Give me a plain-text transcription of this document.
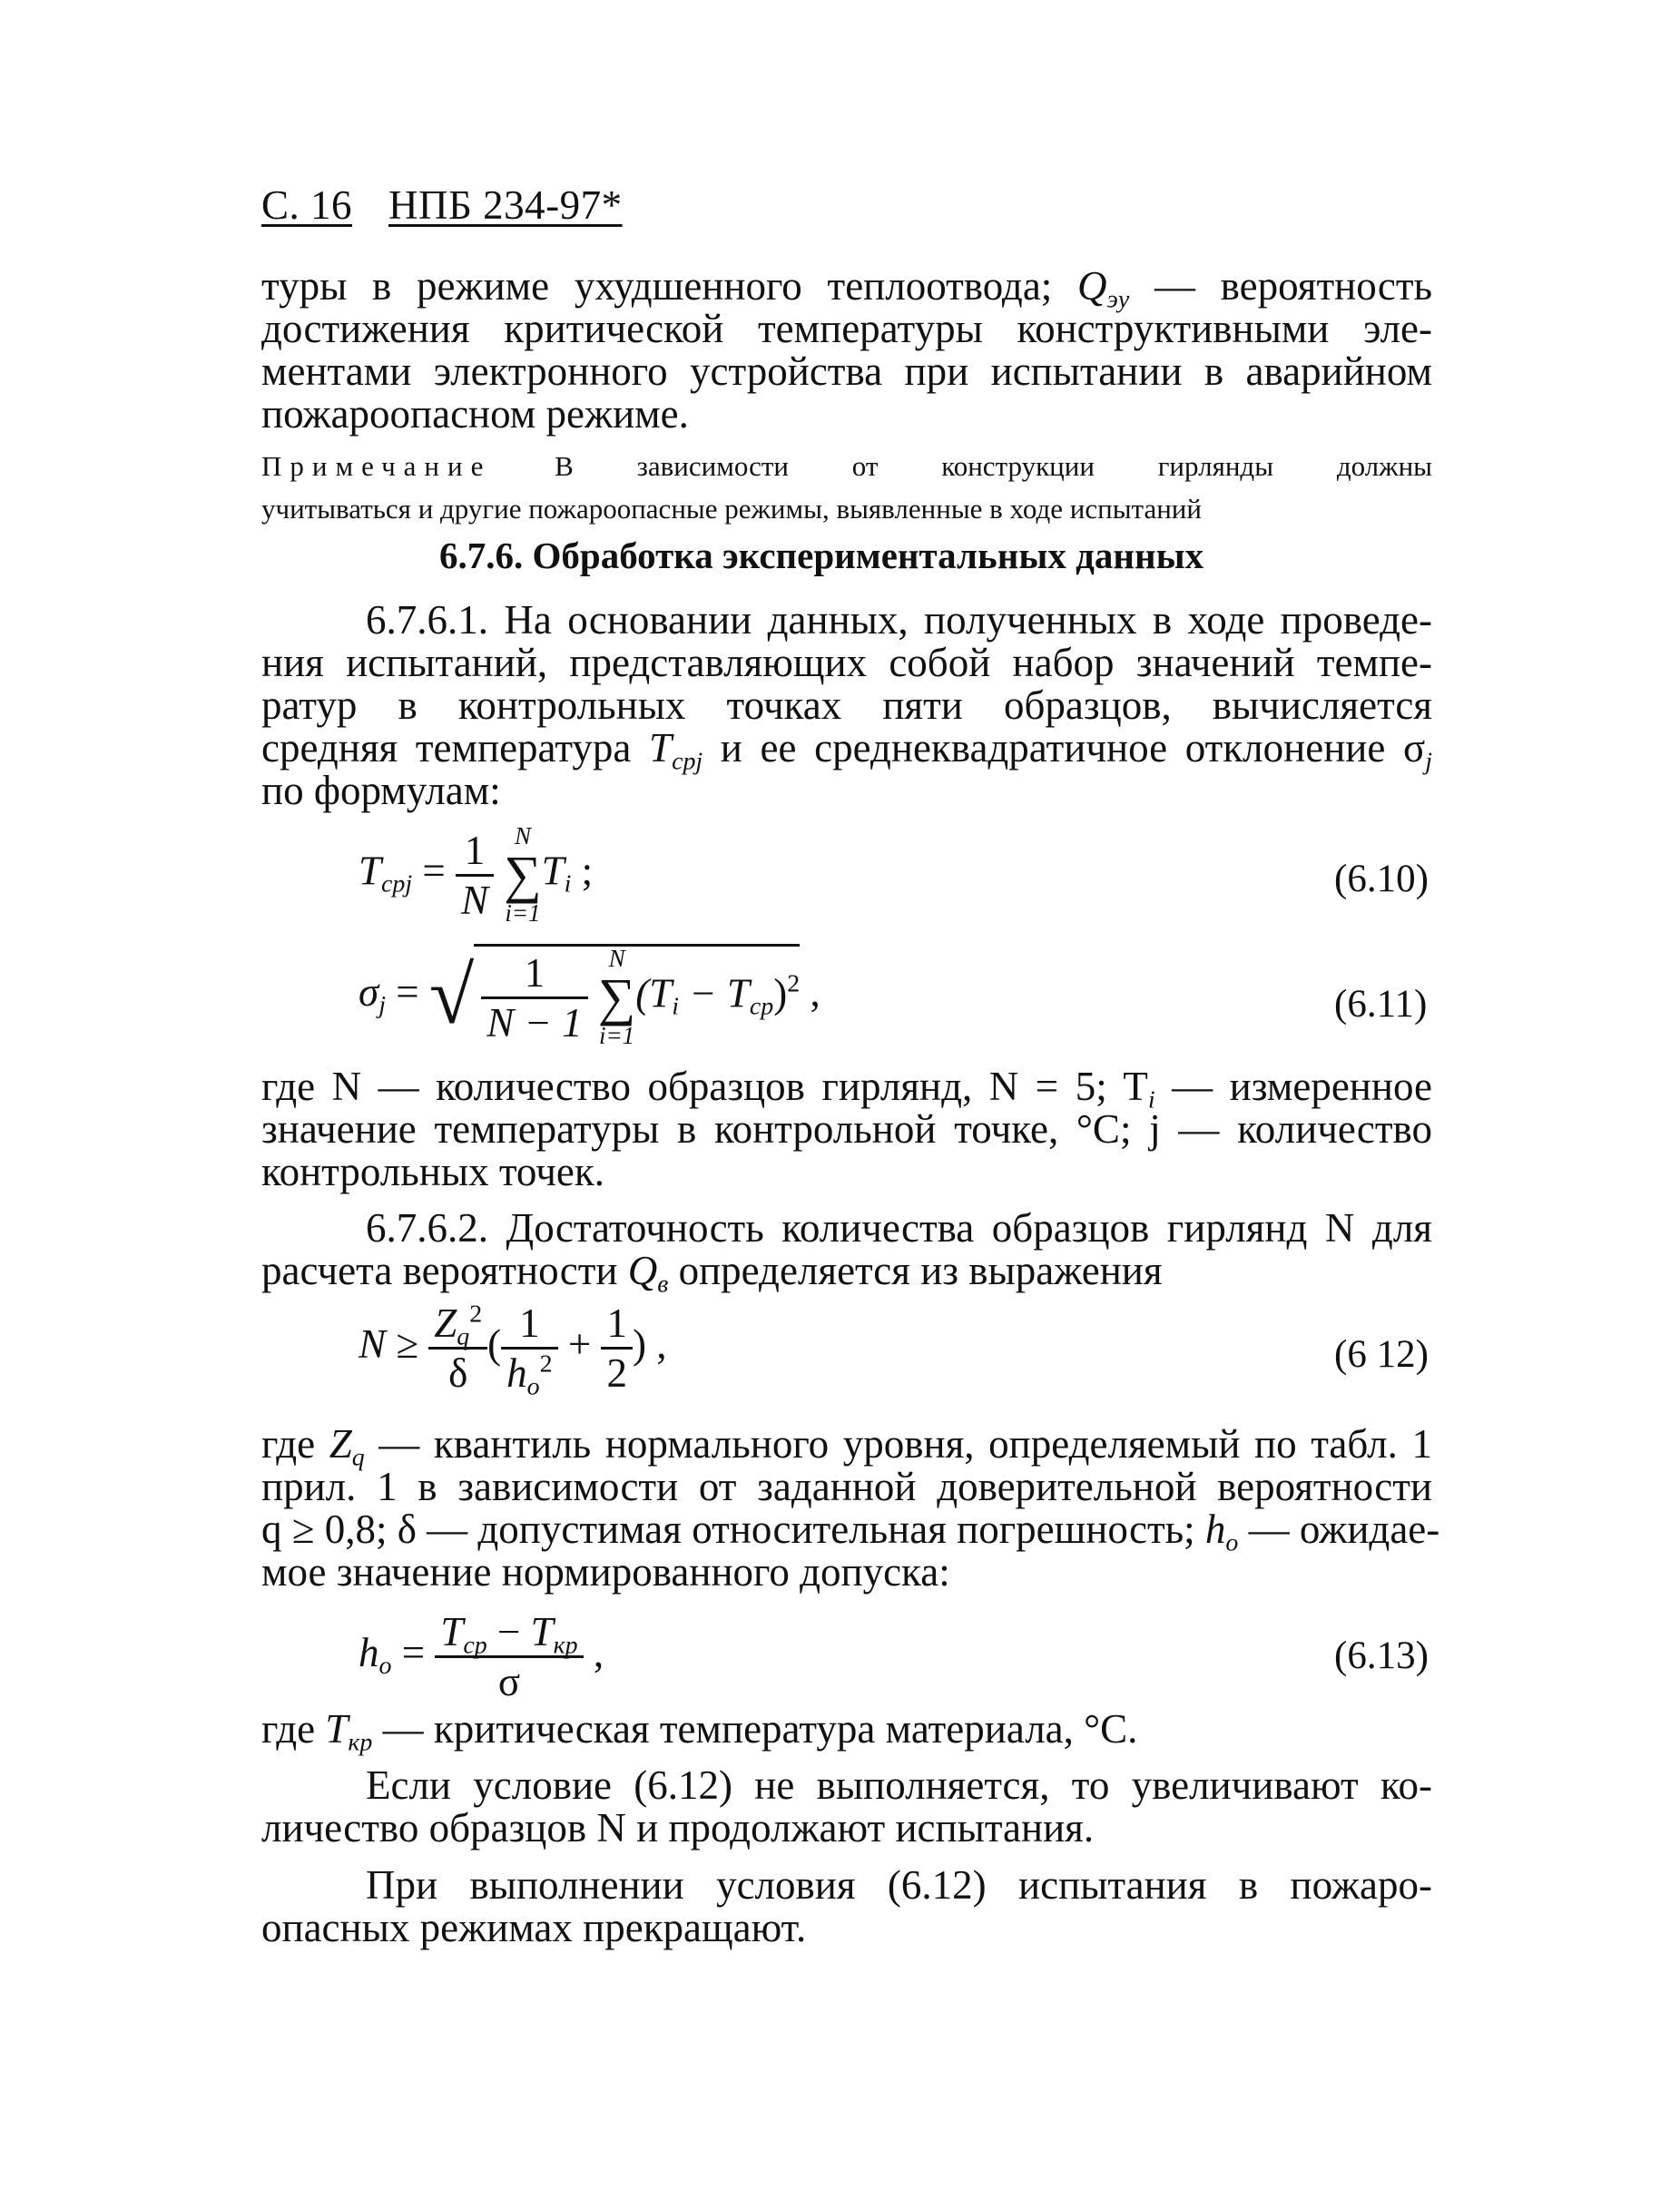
С. 16 НПБ 234-97*
туры в режиме ухудшенного теплоотвода; $Q_{эу}$ — вероятность
достижения критической температуры конструктивными эле-
ментами электронного устройства при испытании в аварийном
пожароопасном режиме.
Примечание В зависимости от конструкции гирлянды должны
учитываться и другие пожароопасные режимы, выявленные в ходе испытаний
6.7.6. Обработка экспериментальных данных
6.7.6.1. На основании данных, полученных в ходе проведе-
ния испытаний, представляющих собой набор значений темпе-
ратур в контрольных точках пяти образцов, вычисляется
средняя температура $T_{срj}$ и ее среднеквадратичное отклонение $\sigma_j$
по формулам:
$T_{срj} = \frac{1}{N}$
N
∑
i=1
$T_i$ ;	(6.10)
$\sigma_j$ = √ $\frac{1}{N - 1}$
N
∑
i=1
$(T_i - T_{ср})^2$ ,	(6.11)
где N — количество образцов гирлянд, N = 5; $T_i$ — измеренное
значение температуры в контрольной точке, °С; j — количество
контрольных точек.
6.7.6.2. Достаточность количества образцов гирлянд N для
расчета вероятности $Q_в$ определяется из выражения
$N \ge \frac{Z_q^2}{\delta}$ ( $\frac{1}{h_o^2} + \frac{1}{2}$ ) ,	(6 12)
где $Z_q$ — квантиль нормального уровня, определяемый по табл. 1
прил. 1 в зависимости от заданной доверительной вероятности
q ≥ 0,8; δ — допустимая относительная погрешность; $h_o$ — ожидае-
мое значение нормированного допуска:
$h_o = \frac{T_{ср} - T_{кр}}{\sigma}$ ,	(6.13)
где $T_{кр}$ — критическая температура материала, °С.
Если условие (6.12) не выполняется, то увеличивают ко-
личество образцов N и продолжают испытания.
При выполнении условия (6.12) испытания в пожаро-
опасных режимах прекращают.
